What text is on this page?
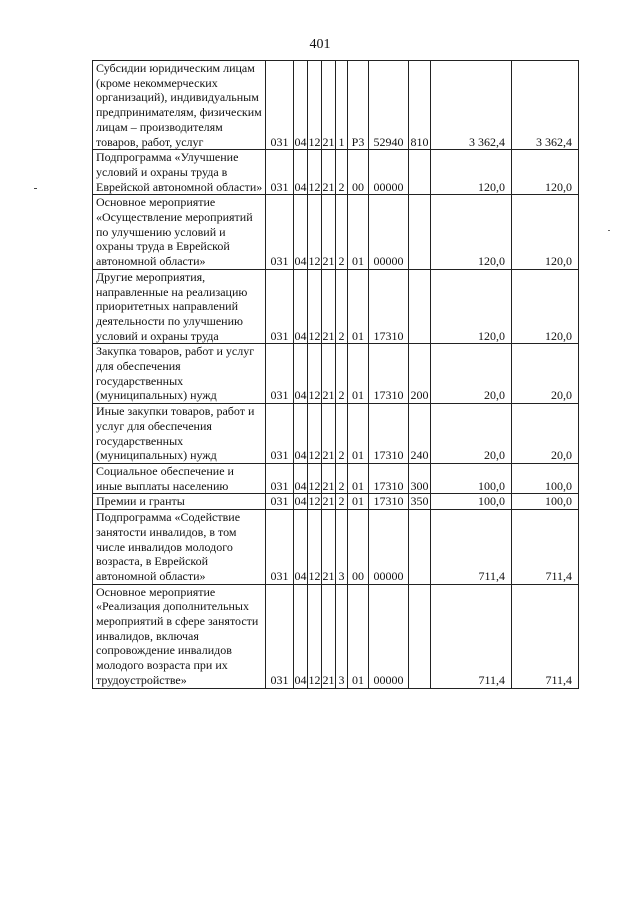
401
Субсидии юридическим лицам (кроме некоммерческих организаций), индивидуальным предпринимателям, физическим лицам – производителям товаров, работ, услуг	031	04	12	21	1	Р3	52940	810	3 362,4	3 362,4
Подпрограмма «Улучшение условий и охраны труда в Еврейской автономной области»	031	04	12	21	2	00	00000		120,0	120,0
Основное мероприятие «Осуществление мероприятий по улучшению условий и охраны труда в Еврейской автономной области»	031	04	12	21	2	01	00000		120,0	120,0
Другие мероприятия, направленные на реализацию приоритетных направлений деятельности по улучшению условий и охраны труда	031	04	12	21	2	01	17310		120,0	120,0
Закупка товаров, работ и услуг для обеспечения государственных (муниципальных) нужд	031	04	12	21	2	01	17310	200	20,0	20,0
Иные закупки товаров, работ и услуг для обеспечения государственных (муниципальных) нужд	031	04	12	21	2	01	17310	240	20,0	20,0
Социальное обеспечение и иные выплаты населению	031	04	12	21	2	01	17310	300	100,0	100,0
Премии и гранты	031	04	12	21	2	01	17310	350	100,0	100,0
Подпрограмма «Содействие занятости инвалидов, в том числе инвалидов молодого возраста, в Еврейской автономной области»	031	04	12	21	3	00	00000		711,4	711,4
Основное мероприятие «Реализация дополнительных мероприятий в сфере занятости инвалидов, включая сопровождение инвалидов молодого возраста при их трудоустройстве»	031	04	12	21	3	01	00000		711,4	711,4
